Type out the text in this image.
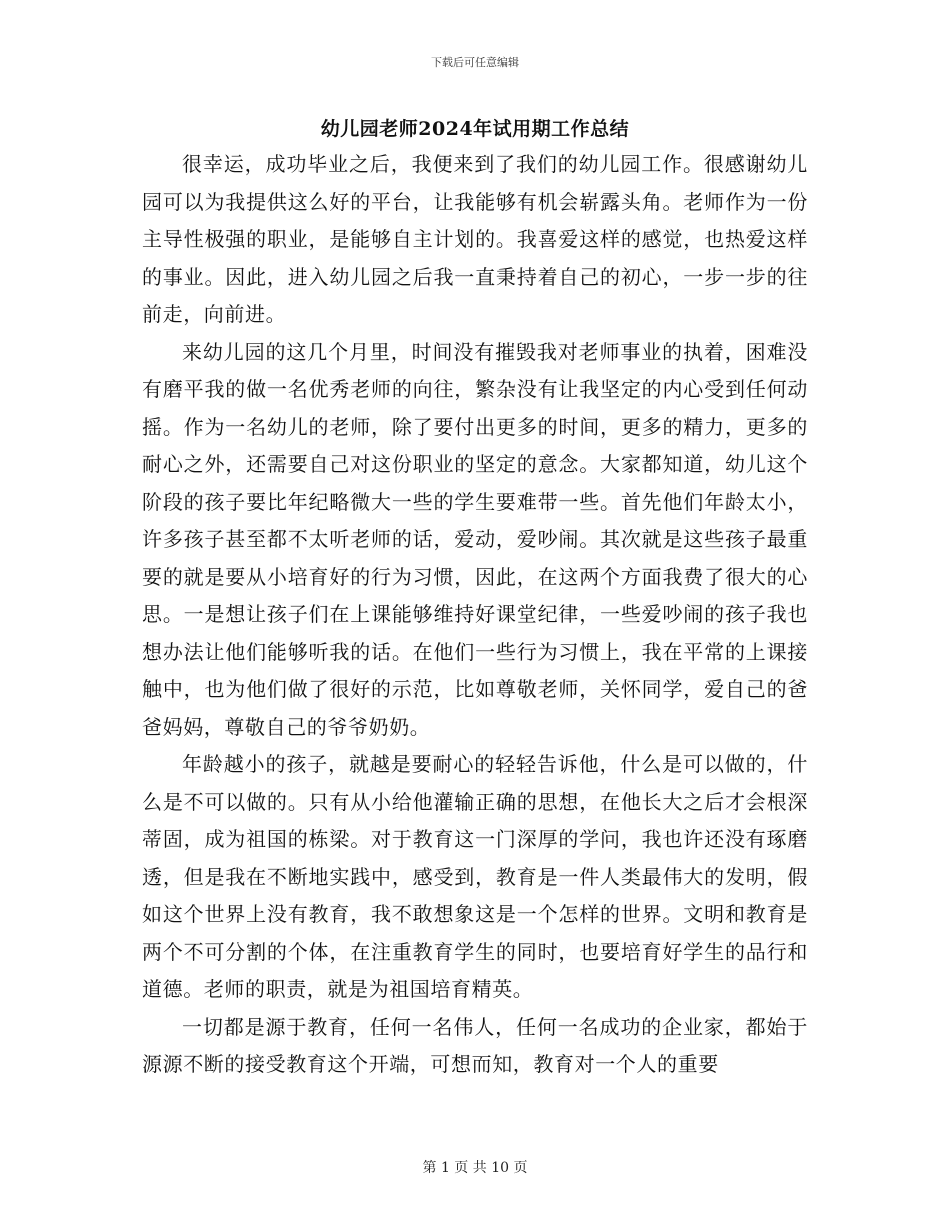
下载后可任意编辑
幼儿园老师2024年试用期工作总结

很幸运，成功毕业之后，我便来到了我们的幼儿园工作。很感谢幼儿园可以为我提供这么好的平台，让我能够有机会崭露头角。老师作为一份主导性极强的职业，是能够自主计划的。我喜爱这样的感觉，也热爱这样的事业。因此，进入幼儿园之后我一直秉持着自己的初心，一步一步的往前走，向前进。

来幼儿园的这几个月里，时间没有摧毁我对老师事业的执着，困难没有磨平我的做一名优秀老师的向往，繁杂没有让我坚定的内心受到任何动摇。作为一名幼儿的老师，除了要付出更多的时间，更多的精力，更多的耐心之外，还需要自己对这份职业的坚定的意念。大家都知道，幼儿这个阶段的孩子要比年纪略微大一些的学生要难带一些。首先他们年龄太小，许多孩子甚至都不太听老师的话，爱动，爱吵闹。其次就是这些孩子最重要的就是要从小培育好的行为习惯，因此，在这两个方面我费了很大的心思。一是想让孩子们在上课能够维持好课堂纪律，一些爱吵闹的孩子我也想办法让他们能够听我的话。在他们一些行为习惯上，我在平常的上课接触中，也为他们做了很好的示范，比如尊敬老师，关怀同学，爱自己的爸爸妈妈，尊敬自己的爷爷奶奶。

年龄越小的孩子，就越是要耐心的轻轻告诉他，什么是可以做的，什么是不可以做的。只有从小给他灌输正确的思想，在他长大之后才会根深蒂固，成为祖国的栋梁。对于教育这一门深厚的学问，我也许还没有琢磨透，但是我在不断地实践中，感受到，教育是一件人类最伟大的发明，假如这个世界上没有教育，我不敢想象这是一个怎样的世界。文明和教育是两个不可分割的个体，在注重教育学生的同时，也要培育好学生的品行和道德。老师的职责，就是为祖国培育精英。

一切都是源于教育，任何一名伟人，任何一名成功的企业家，都始于源源不断的接受教育这个开端，可想而知，教育对一个人的重要

第 1 页 共 10 页
